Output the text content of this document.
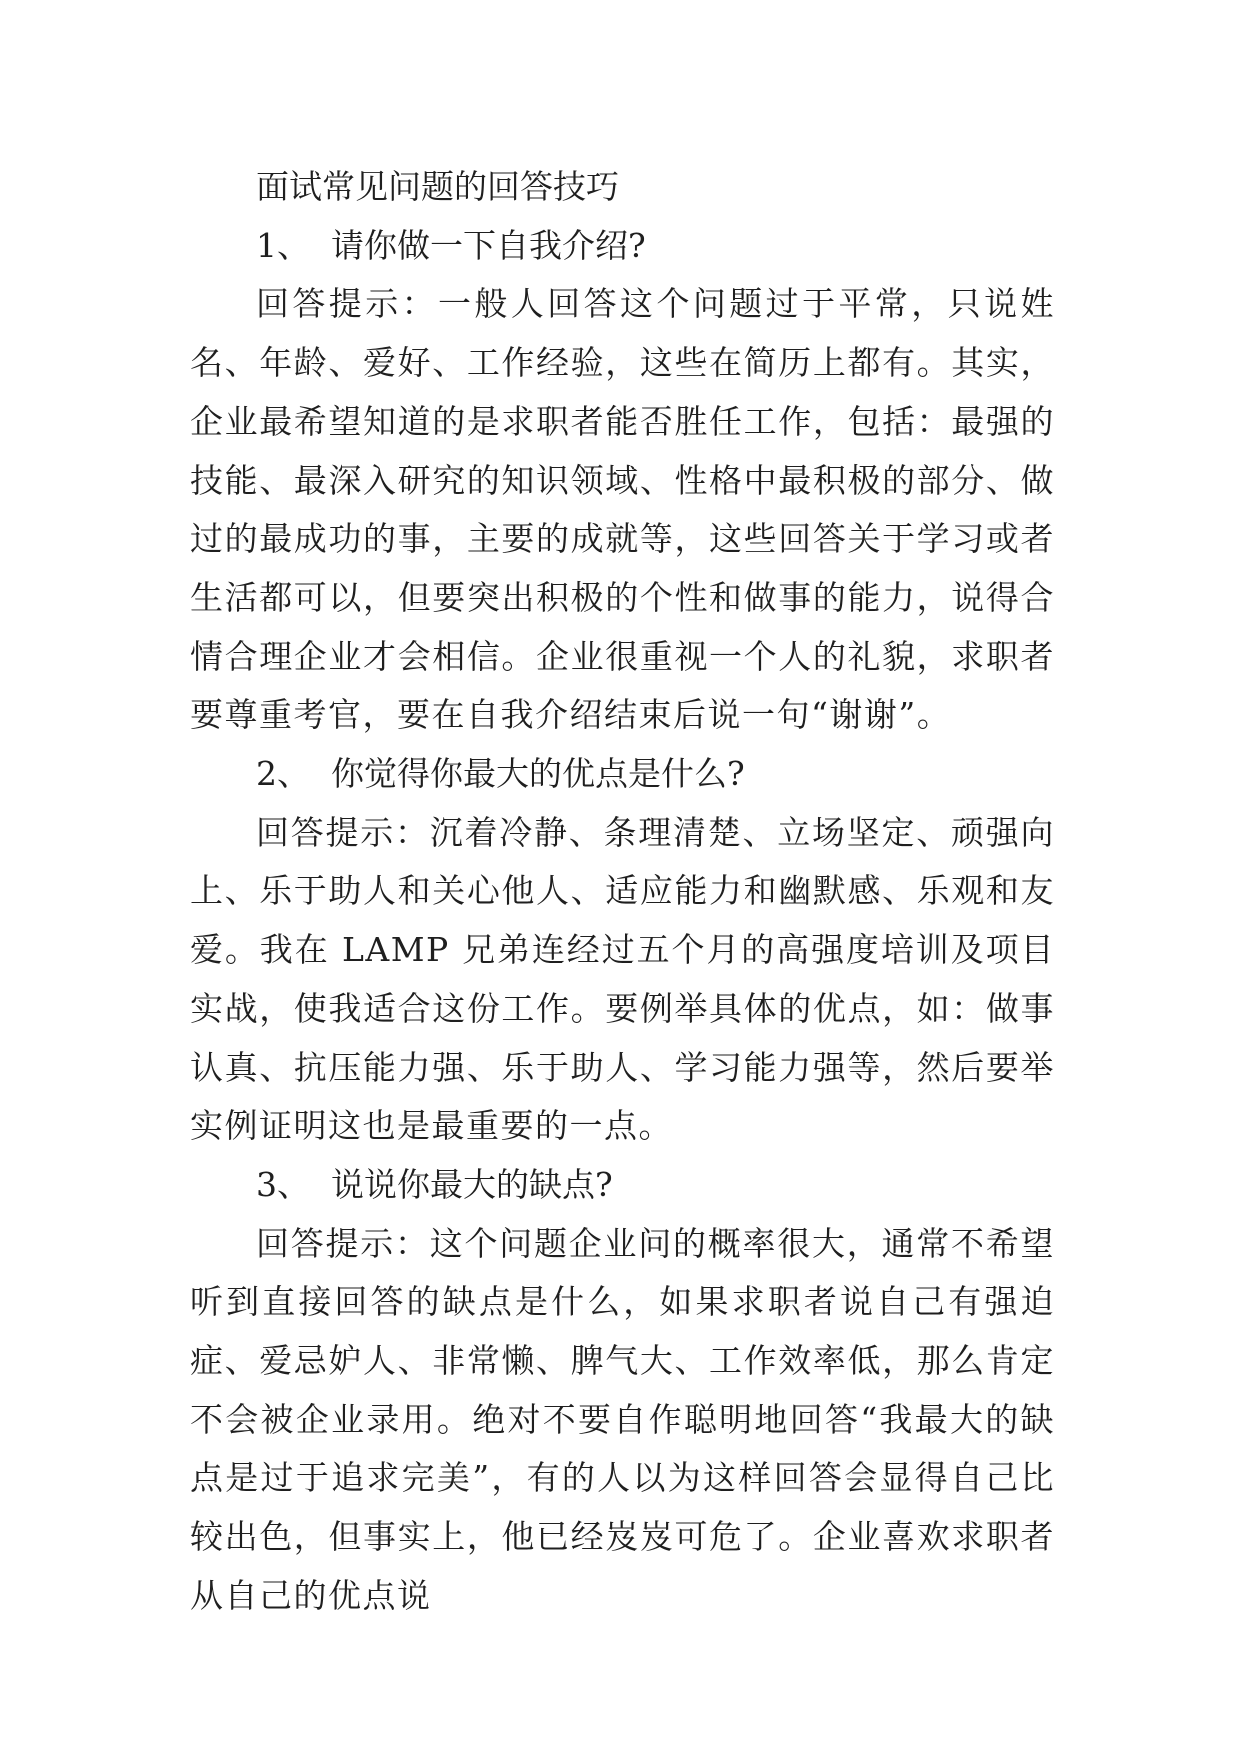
面试常见问题的回答技巧

1、  请你做一下自我介绍?

回答提示：一般人回答这个问题过于平常，只说姓名、年龄、爱好、工作经验，这些在简历上都有。其实，企业最希望知道的是求职者能否胜任工作，包括：最强的技能、最深入研究的知识领域、性格中最积极的部分、做过的最成功的事，主要的成就等，这些回答关于学习或者生活都可以，但要突出积极的个性和做事的能力，说得合情合理企业才会相信。企业很重视一个人的礼貌，求职者要尊重考官，要在自我介绍结束后说一句“谢谢”。

2、  你觉得你最大的优点是什么?

回答提示：沉着冷静、条理清楚、立场坚定、顽强向上、乐于助人和关心他人、适应能力和幽默感、乐观和友爱。我在 LAMP 兄弟连经过五个月的高强度培训及项目实战，使我适合这份工作。要例举具体的优点，如：做事认真、抗压能力强、乐于助人、学习能力强等，然后要举实例证明这也是最重要的一点。

3、  说说你最大的缺点?

回答提示：这个问题企业问的概率很大，通常不希望听到直接回答的缺点是什么，如果求职者说自己有强迫症、爱忌妒人、非常懒、脾气大、工作效率低，那么肯定不会被企业录用。绝对不要自作聪明地回答“我最大的缺点是过于追求完美”，有的人以为这样回答会显得自己比较出色，但事实上，他已经岌岌可危了。企业喜欢求职者从自己的优点说
